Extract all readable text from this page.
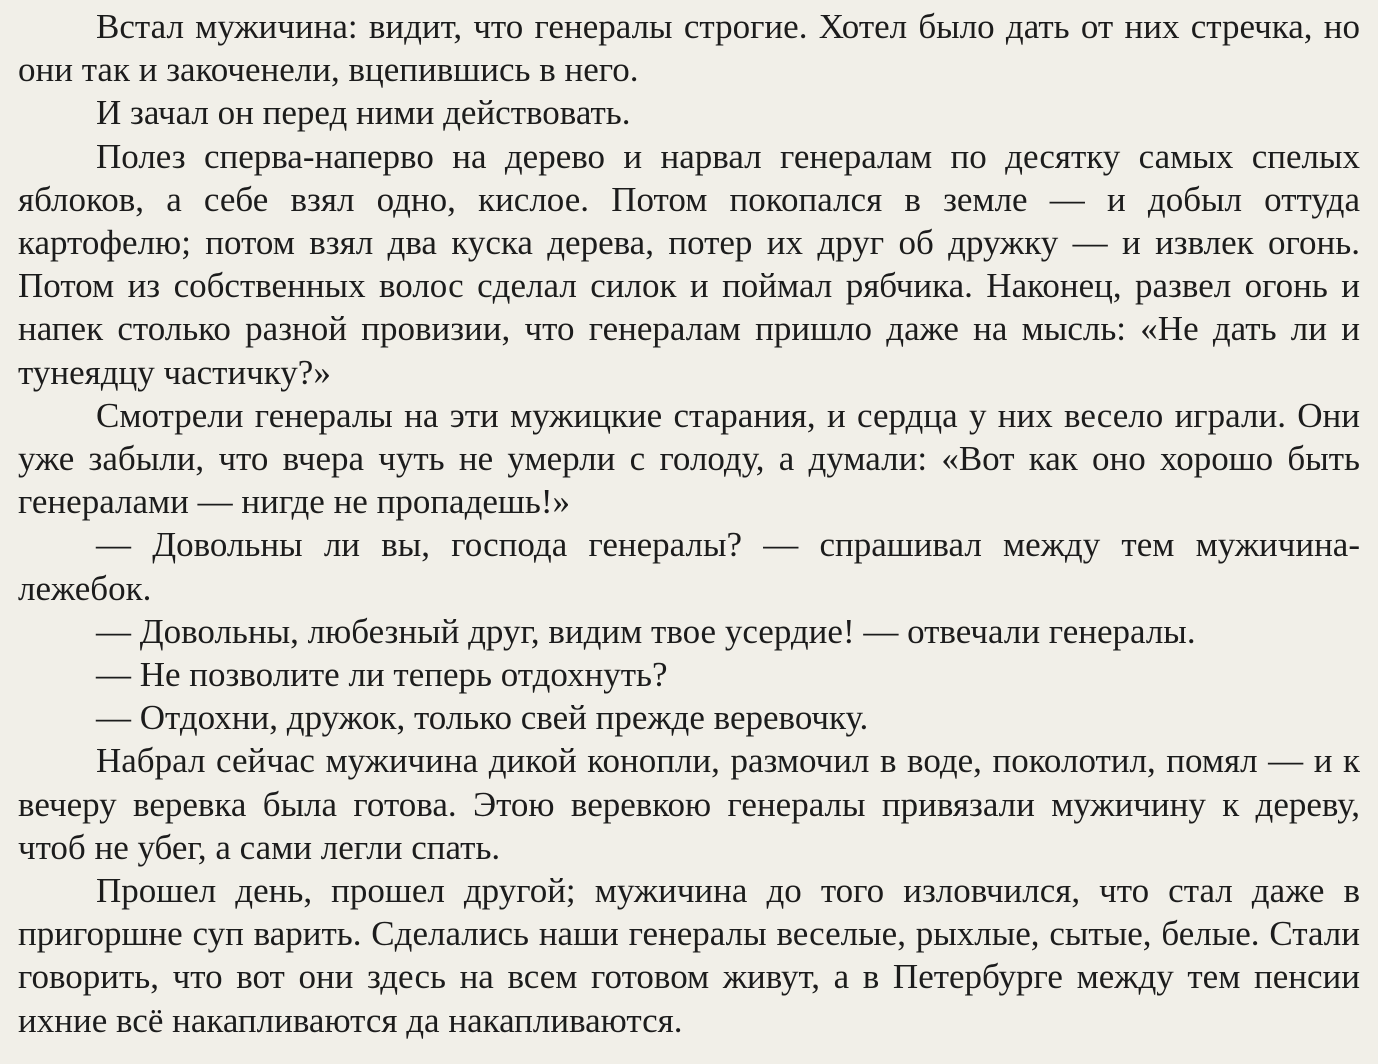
Встал мужичина: видит, что генералы строгие. Хотел было дать от них стречка, но они так и закоченели, вцепившись в него.

И зачал он перед ними действовать.

Полез сперва-наперво на дерево и нарвал генералам по десятку самых спелых яблоков, а себе взял одно, кислое. Потом покопался в земле — и добыл оттуда картофелю; потом взял два куска дерева, потер их друг об дружку — и извлек огонь. Потом из собственных волос сделал силок и поймал рябчика. Наконец, развел огонь и напек столько разной провизии, что генералам пришло даже на мысль: «Не дать ли и тунеядцу частичку?»

Смотрели генералы на эти мужицкие старания, и сердца у них весело играли. Они уже забыли, что вчера чуть не умерли с голоду, а думали: «Вот как оно хорошо быть генералами — нигде не пропадешь!»

— Довольны ли вы, господа генералы? — спрашивал между тем мужичина-лежебок.

— Довольны, любезный друг, видим твое усердие! — отвечали генералы.

— Не позволите ли теперь отдохнуть?

— Отдохни, дружок, только свей прежде веревочку.

Набрал сейчас мужичина дикой конопли, размочил в воде, поколотил, помял — и к вечеру веревка была готова. Этою веревкою генералы привязали мужичину к дереву, чтоб не убег, а сами легли спать.

Прошел день, прошел другой; мужичина до того изловчился, что стал даже в пригоршне суп варить. Сделались наши генералы веселые, рыхлые, сытые, белые. Стали говорить, что вот они здесь на всем готовом живут, а в Петербурге между тем пенсии ихние всё накапливаются да накапливаются.
